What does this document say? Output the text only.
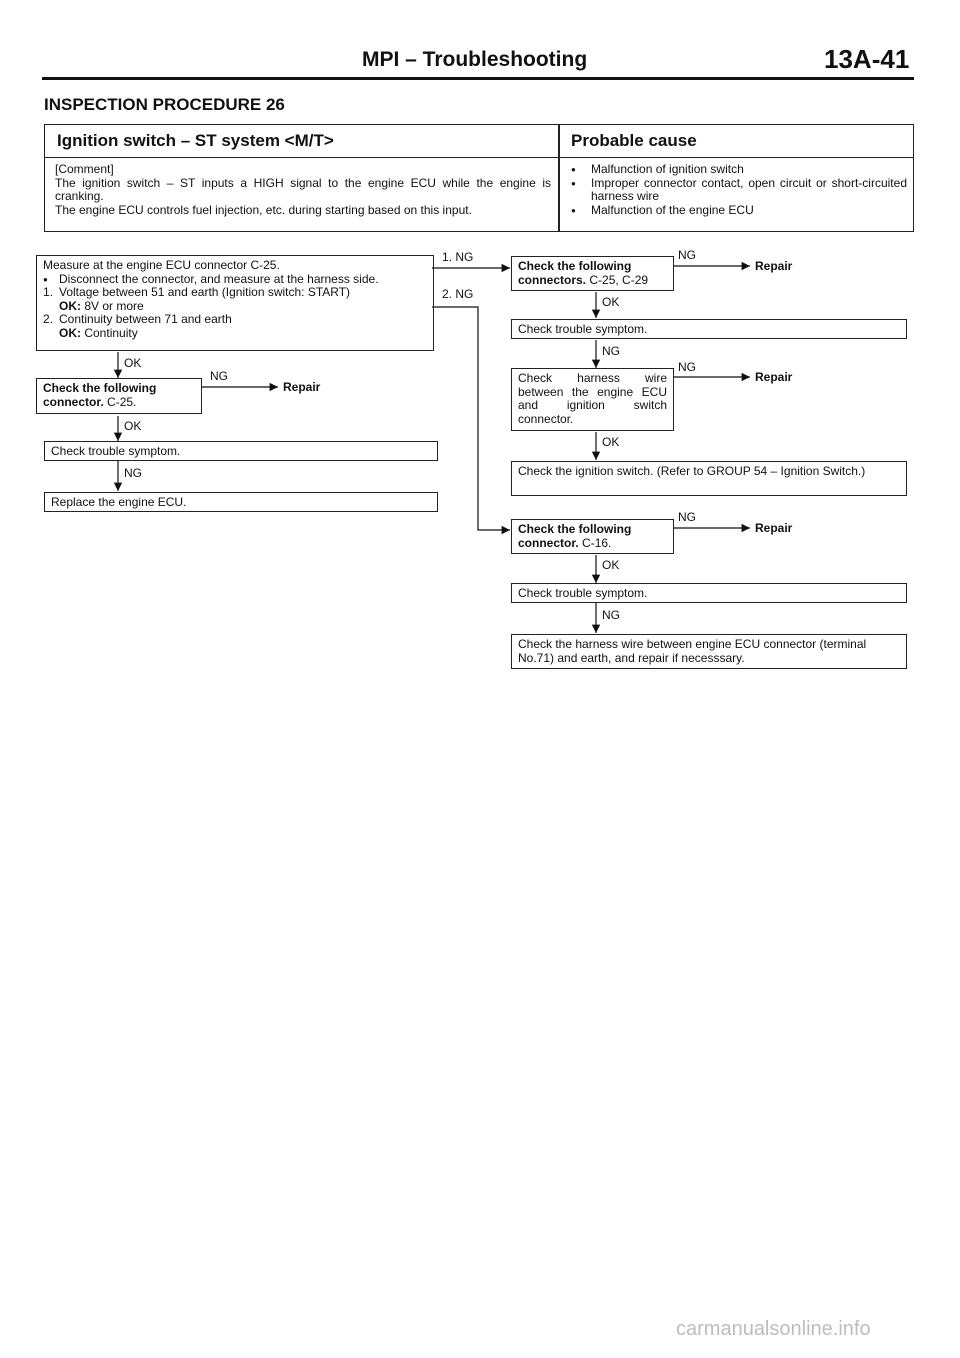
MPI – Troubleshooting	13A-41
INSPECTION PROCEDURE 26
Ignition switch – ST system <M/T>	Probable cause
[Comment]
The ignition switch – ST inputs a HIGH signal to the engine ECU while the engine is cranking.
The engine ECU controls fuel injection, etc. during starting based on this input.
● Malfunction of ignition switch
● Improper connector contact, open circuit or short-circuited harness wire
● Malfunction of the engine ECU
Measure at the engine ECU connector C-25.
● Disconnect the connector, and measure at the harness side.
1. Voltage between 51 and earth (Ignition switch: START)
OK: 8V or more
2. Continuity between 71 and earth
OK: Continuity
1. NG
2. NG
OK
Check the following connector. C-25.
NG
Repair
OK
Check trouble symptom.
NG
Replace the engine ECU.
Check the following connectors. C-25, C-29
NG
Repair
OK
Check trouble symptom.
NG
Check harness wire between the engine ECU and ignition switch connector.
NG
Repair
OK
Check the ignition switch. (Refer to GROUP 54 – Ignition Switch.)
Check the following connector. C-16.
NG
Repair
OK
Check trouble symptom.
NG
Check the harness wire between engine ECU connector (terminal No.71) and earth, and repair if necesssary.
carmanualsonline.info
